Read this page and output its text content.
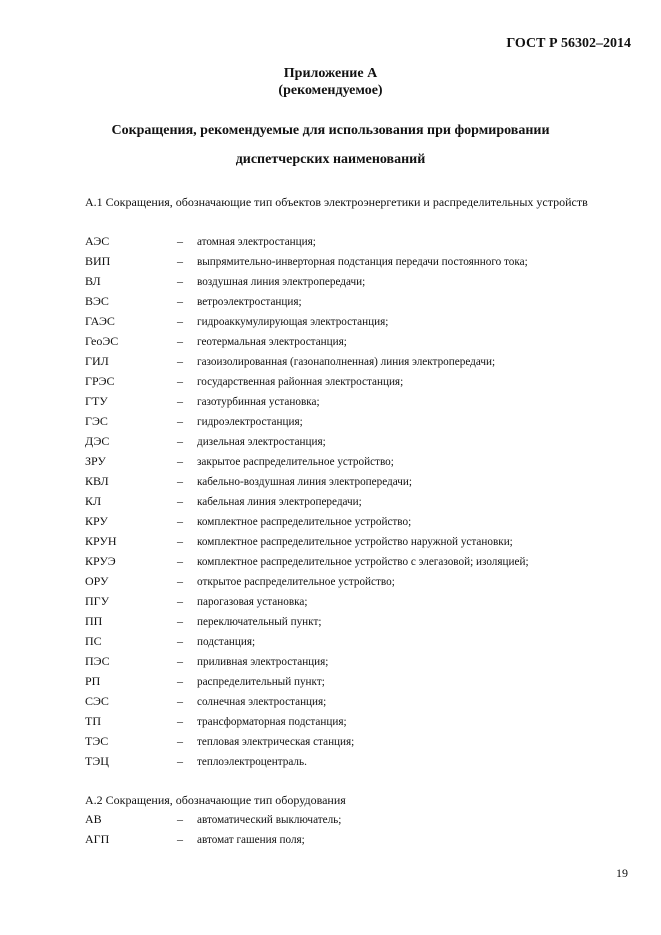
ГОСТ Р 56302–2014
Приложение А
(рекомендуемое)
Сокращения, рекомендуемые для использования при формировании
диспетчерских наименований
А.1 Сокращения, обозначающие тип объектов электроэнергетики и распределительных устройств
АЭС	– атомная электростанция;
ВИП	– выпрямительно-инверторная подстанция передачи постоянного тока;
ВЛ	– воздушная линия электропередачи;
ВЭС	– ветроэлектростанция;
ГАЭС	– гидроаккумулирующая электростанция;
ГеоЭС	– геотермальная электростанция;
ГИЛ	– газоизолированная (газонаполненная) линия электропередачи;
ГРЭС	– государственная районная электростанция;
ГТУ	– газотурбинная установка;
ГЭС	– гидроэлектростанция;
ДЭС	– дизельная электростанция;
ЗРУ	– закрытое распределительное устройство;
КВЛ	– кабельно-воздушная линия электропередачи;
КЛ	– кабельная линия электропередачи;
КРУ	– комплектное распределительное устройство;
КРУН	– комплектное распределительное устройство наружной установки;
КРУЭ	– комплектное распределительное устройство с элегазовой; изоляцией;
ОРУ	– открытое распределительное устройство;
ПГУ	– парогазовая установка;
ПП	– переключательный пункт;
ПС	– подстанция;
ПЭС	– приливная электростанция;
РП	– распределительный пункт;
СЭС	– солнечная электростанция;
ТП	– трансформаторная подстанция;
ТЭС	– тепловая электрическая станция;
ТЭЦ	– теплоэлектроцентраль.
А.2 Сокращения, обозначающие тип оборудования
АВ	– автоматический выключатель;
АГП	– автомат гашения поля;
19
